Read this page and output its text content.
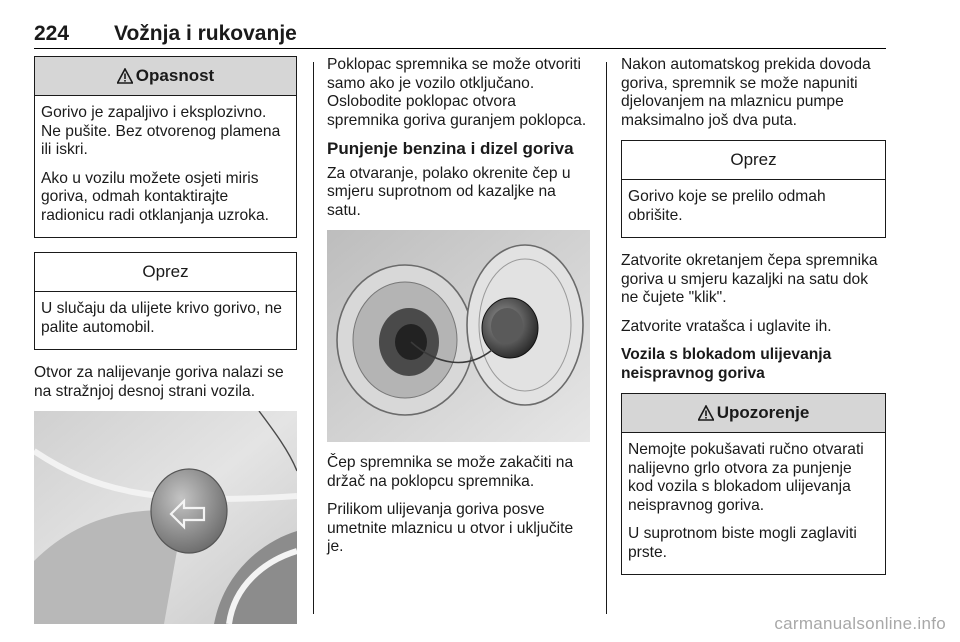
224 Vožnja i rukovanje
Opasnost

Gorivo je zapaljivo i eksplozivno. Ne pušite. Bez otvorenog plamena ili iskri.

Ako u vozilu možete osjeti miris goriva, odmah kontaktirajte radionicu radi otklanjanja uzroka.

Oprez

U slučaju da ulijete krivo gorivo, ne palite automobil.

Otvor za nalijevanje goriva nalazi se na stražnjoj desnoj strani vozila.

Poklopac spremnika se može otvoriti samo ako je vozilo otključano. Oslobodite poklopac otvora spremnika goriva guranjem poklopca.

Punjenje benzina i dizel goriva

Za otvaranje, polako okrenite čep u smjeru suprotnom od kazaljke na satu.

Čep spremnika se može zakačiti na držač na poklopcu spremnika.

Prilikom ulijevanja goriva posve umetnite mlaznicu u otvor i uključite je.

Nakon automatskog prekida dovoda goriva, spremnik se može napuniti djelovanjem na mlaznicu pumpe maksimalno još dva puta.

Oprez

Gorivo koje se prelilo odmah obrišite.

Zatvorite okretanjem čepa spremnika goriva u smjeru kazaljki na satu dok ne čujete "klik".

Zatvorite vratašca i uglavite ih.

Vozila s blokadom ulijevanja neispravnog goriva

Upozorenje

Nemojte pokušavati ručno otvarati nalijevno grlo otvora za punjenje kod vozila s blokadom ulijevanja neispravnog goriva.

U suprotnom biste mogli zaglaviti prste.

carmanualsonline.info
